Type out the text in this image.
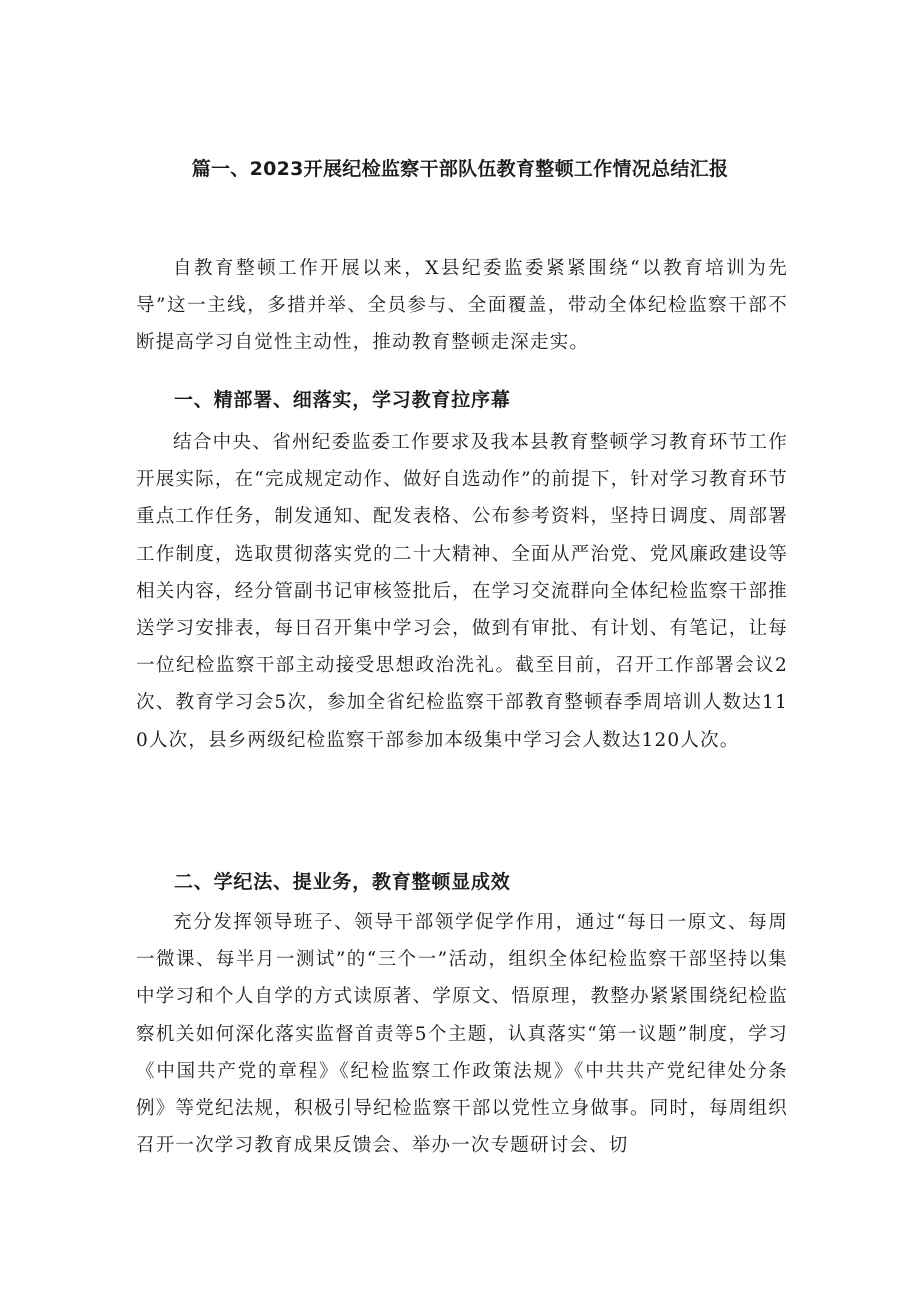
篇一、2023开展纪检监察干部队伍教育整顿工作情况总结汇报

自教育整顿工作开展以来，X县纪委监委紧紧围绕“以教育培训为先导”这一主线，多措并举、全员参与、全面覆盖，带动全体纪检监察干部不断提高学习自觉性主动性，推动教育整顿走深走实。

一、精部署、细落实，学习教育拉序幕

结合中央、省州纪委监委工作要求及我本县教育整顿学习教育环节工作开展实际，在“完成规定动作、做好自选动作”的前提下，针对学习教育环节重点工作任务，制发通知、配发表格、公布参考资料，坚持日调度、周部署工作制度，选取贯彻落实党的二十大精神、全面从严治党、党风廉政建设等相关内容，经分管副书记审核签批后，在学习交流群向全体纪检监察干部推送学习安排表，每日召开集中学习会，做到有审批、有计划、有笔记，让每一位纪检监察干部主动接受思想政治洗礼。截至目前，召开工作部署会议2次、教育学习会5次，参加全省纪检监察干部教育整顿春季周培训人数达110人次，县乡两级纪检监察干部参加本级集中学习会人数达120人次。

二、学纪法、提业务，教育整顿显成效

充分发挥领导班子、领导干部领学促学作用，通过“每日一原文、每周一微课、每半月一测试”的“三个一”活动，组织全体纪检监察干部坚持以集中学习和个人自学的方式读原著、学原文、悟原理，教整办紧紧围绕纪检监察机关如何深化落实监督首责等5个主题，认真落实“第一议题”制度，学习《中国共产党的章程》《纪检监察工作政策法规》《中共共产党纪律处分条例》等党纪法规，积极引导纪检监察干部以党性立身做事。同时，每周组织召开一次学习教育成果反馈会、举办一次专题研讨会、切
